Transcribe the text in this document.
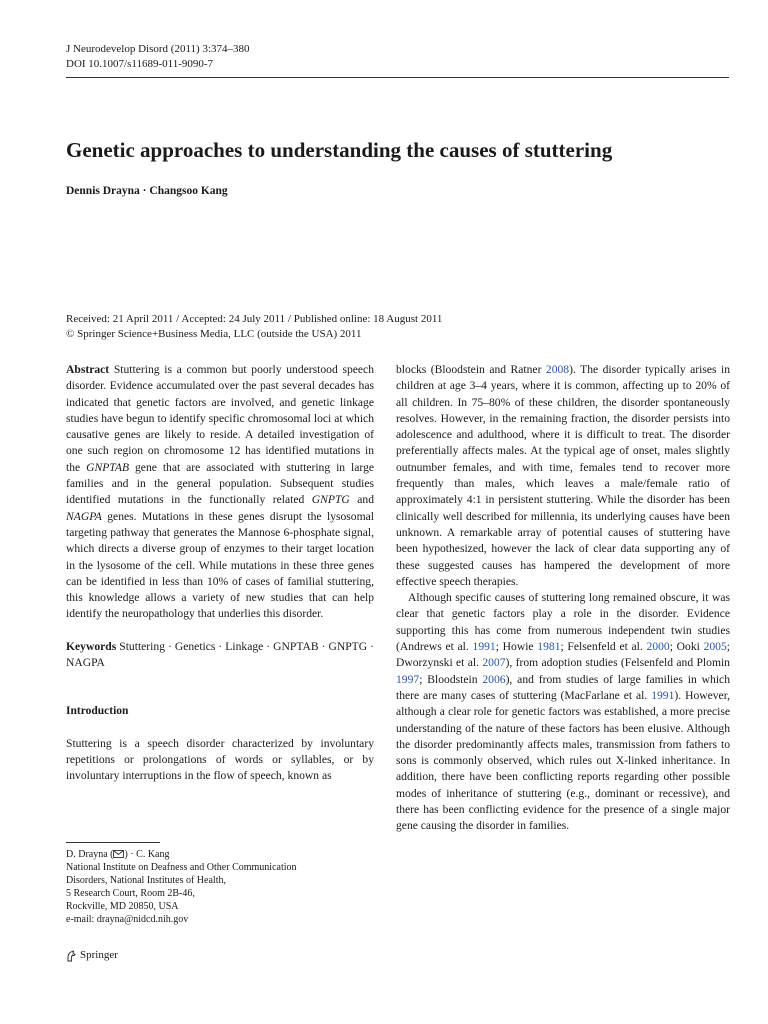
J Neurodevelop Disord (2011) 3:374–380
DOI 10.1007/s11689-011-9090-7
Genetic approaches to understanding the causes of stuttering
Dennis Drayna · Changsoo Kang
Received: 21 April 2011 / Accepted: 24 July 2011 / Published online: 18 August 2011
© Springer Science+Business Media, LLC (outside the USA) 2011

Abstract Stuttering is a common but poorly understood speech disorder. Evidence accumulated over the past several decades has indicated that genetic factors are involved, and genetic linkage studies have begun to identify specific chromosomal loci at which causative genes are likely to reside. A detailed investigation of one such region on chromosome 12 has identified mutations in the GNPTAB gene that are associated with stuttering in large families and in the general population. Subsequent studies identified mutations in the functionally related GNPTG and NAGPA genes. Mutations in these genes disrupt the lysosomal targeting pathway that generates the Mannose 6-phosphate signal, which directs a diverse group of enzymes to their target location in the lysosome of the cell. While mutations in these three genes can be identified in less than 10% of cases of familial stuttering, this knowledge allows a variety of new studies that can help identify the neuropathology that underlies this disorder.

Keywords Stuttering · Genetics · Linkage · GNPTAB · GNPTG · NAGPA

Introduction

Stuttering is a speech disorder characterized by involuntary repetitions or prolongations of words or syllables, or by involuntary interruptions in the flow of speech, known as

blocks (Bloodstein and Ratner 2008). The disorder typically arises in children at age 3–4 years, where it is common, affecting up to 20% of all children. In 75–80% of these children, the disorder spontaneously resolves. However, in the remaining fraction, the disorder persists into adolescence and adulthood, where it is difficult to treat. The disorder preferentially affects males. At the typical age of onset, males slightly outnumber females, and with time, females tend to recover more frequently than males, which leaves a male/female ratio of approximately 4:1 in persistent stuttering. While the disorder has been clinically well described for millennia, its underlying causes have been unknown. A remarkable array of potential causes of stuttering have been hypothesized, however the lack of clear data supporting any of these suggested causes has hampered the development of more effective speech therapies.

Although specific causes of stuttering long remained obscure, it was clear that genetic factors play a role in the disorder. Evidence supporting this has come from numerous independent twin studies (Andrews et al. 1991; Howie 1981; Felsenfeld et al. 2000; Ooki 2005; Dworzynski et al. 2007), from adoption studies (Felsenfeld and Plomin 1997; Bloodstein 2006), and from studies of large families in which there are many cases of stuttering (MacFarlane et al. 1991). However, although a clear role for genetic factors was established, a more precise understanding of the nature of these factors has been elusive. Although the disorder predominantly affects males, transmission from fathers to sons is commonly observed, which rules out X-linked inheritance. In addition, there have been conflicting reports regarding other possible modes of inheritance of stuttering (e.g., dominant or recessive), and there has been conflicting evidence for the presence of a single major gene causing the disorder in families.

D. Drayna ( ) · C. Kang
National Institute on Deafness and Other Communication
Disorders, National Institutes of Health,
5 Research Court, Room 2B-46,
Rockville, MD 20850, USA
e-mail: drayna@nidcd.nih.gov
Springer
